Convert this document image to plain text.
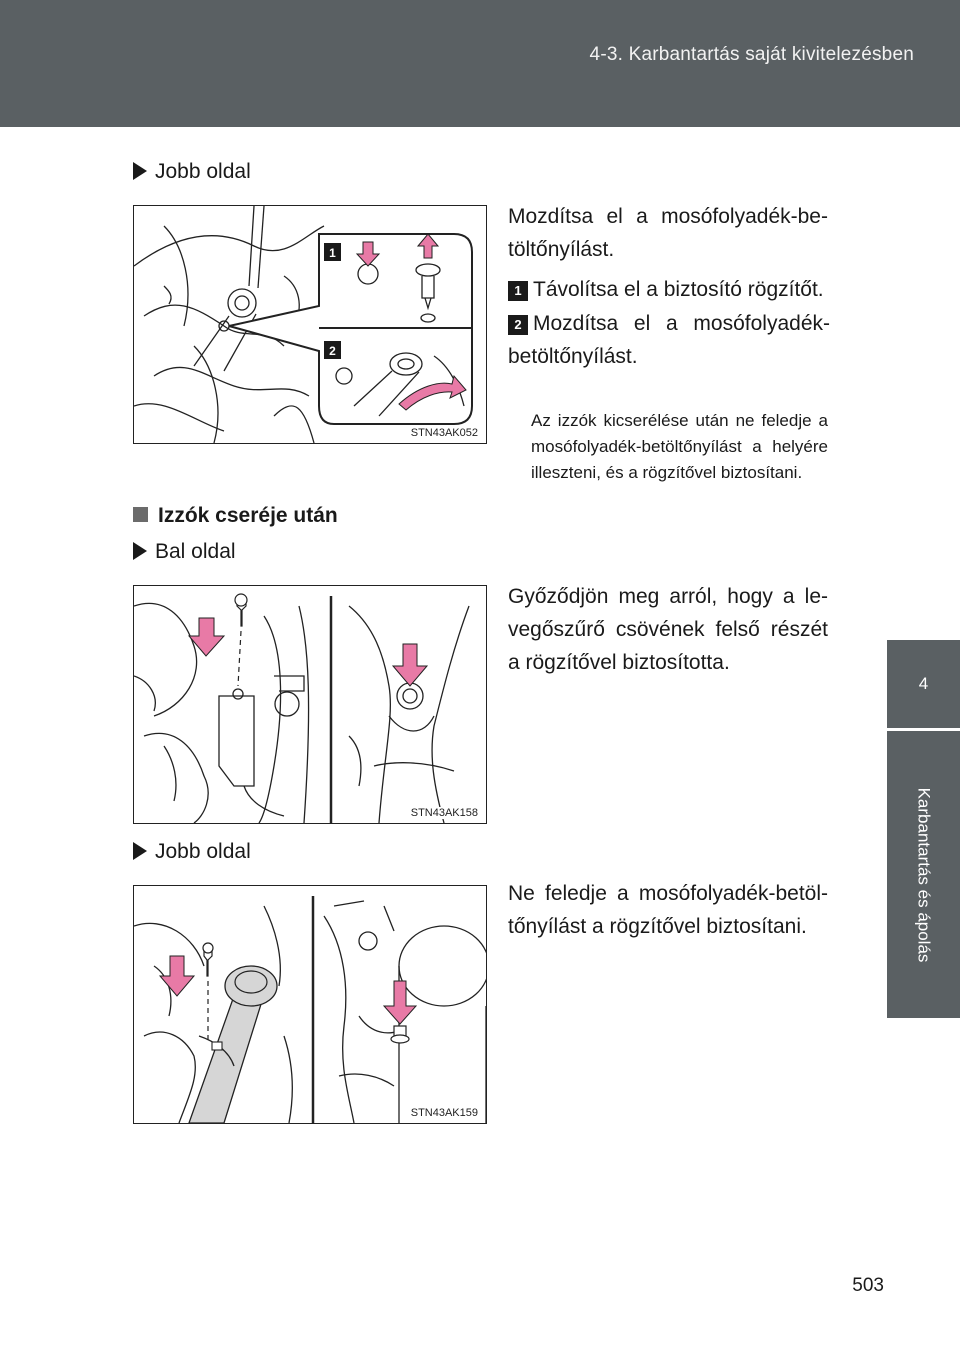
4-3. Karbantartás saját kivitelezésben
4
Karbantartás és ápolás
Jobb oldal
1
2
STN43AK052
Mozdítsa el a mosófolyadék-betöltőnyílást.
1 Távolítsa el a biztosító rögzítőt.
2 Mozdítsa el a mosófolyadék-betöltőnyílást.
Az izzók kicserélése után ne feledje a mosófolyadék-betöltőnyílást a helyére illeszteni, és a rögzítővel biztosítani.
Izzók cseréje után
Bal oldal
STN43AK158
Győződjön meg arról, hogy a levegőszűrő csövének felső részét a rögzítővel biztosította.
Jobb oldal
STN43AK159
Ne feledje a mosófolyadék-betöltőnyílást a rögzítővel biztosítani.
503
